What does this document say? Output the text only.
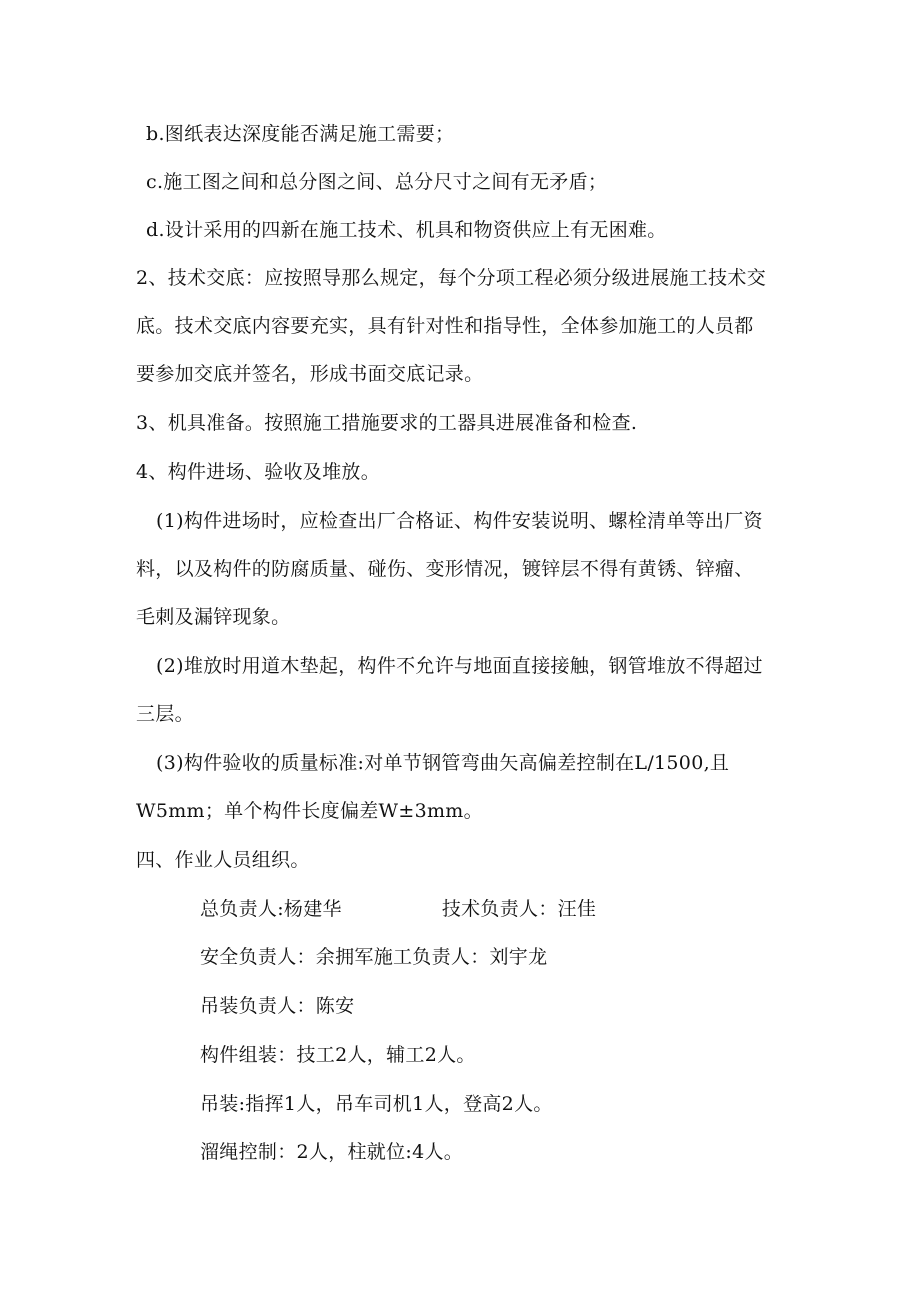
b.图纸表达深度能否满足施工需要；
c.施工图之间和总分图之间、总分尺寸之间有无矛盾；
d.设计采用的四新在施工技术、机具和物资供应上有无困难。
2、技术交底：应按照导那么规定，每个分项工程必须分级进展施工技术交
底。技术交底内容要充实，具有针对性和指导性，全体参加施工的人员都
要参加交底并签名，形成书面交底记录。
3、机具准备。按照施工措施要求的工器具进展准备和检查.
4、构件进场、验收及堆放。
(1)构件进场时，应检查出厂合格证、构件安装说明、螺栓清单等出厂资
料，以及构件的防腐质量、碰伤、变形情况，镀锌层不得有黄锈、锌瘤、
毛刺及漏锌现象。
(2)堆放时用道木垫起，构件不允许与地面直接接触，钢管堆放不得超过
三层。
(3)构件验收的质量标准:对单节钢管弯曲矢高偏差控制在L/1500,且
W5mm；单个构件长度偏差W±3mm。
四、作业人员组织。
总负责人:杨建华	技术负责人：汪佳
安全负责人：余拥军施工负责人：刘宇龙
吊装负责人：陈安
构件组装：技工2人，辅工2人。
吊装:指挥1人，吊车司机1人，登高2人。
溜绳控制：2人，柱就位:4人。
